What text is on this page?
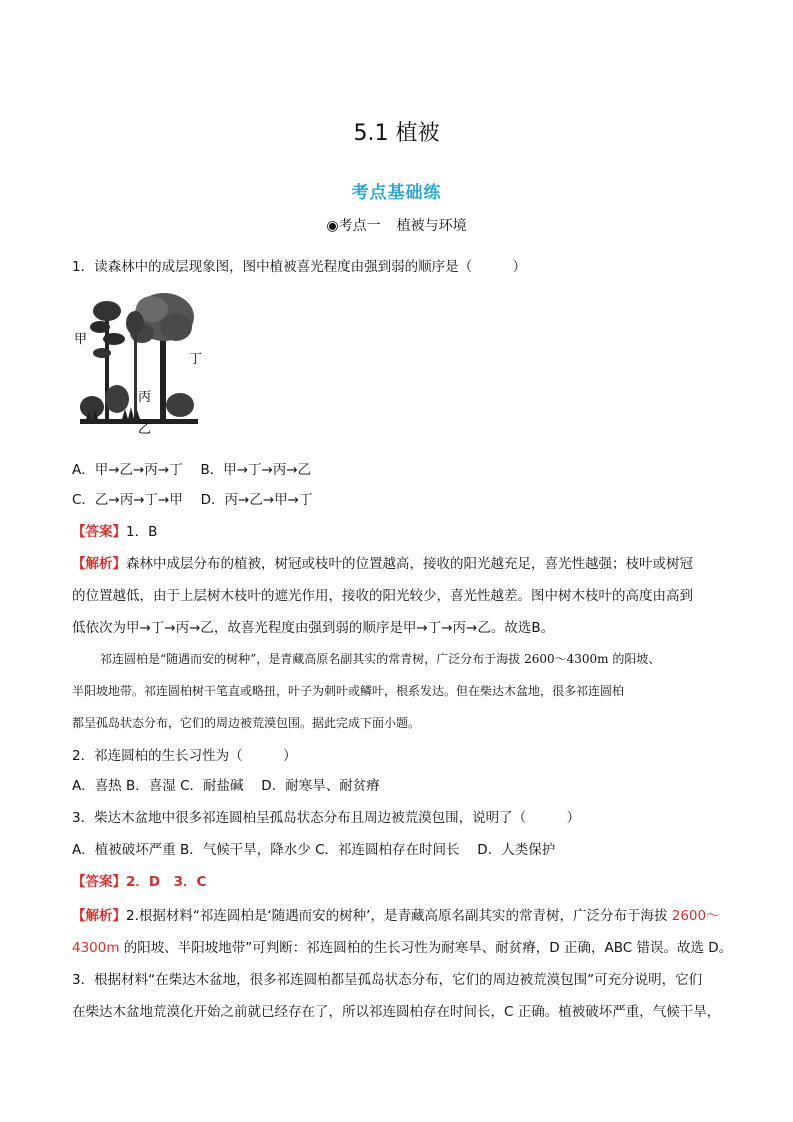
5.1 植被
考点基础练
◉考点一 植被与环境
1．读森林中的成层现象图，图中植被喜光程度由强到弱的顺序是（　　　）
甲
丁
丙
乙
A．甲→乙→丙→丁　 B．甲→丁→丙→乙
C．乙→丙→丁→甲　 D．丙→乙→甲→丁
【答案】1．B
【解析】森林中成层分布的植被，树冠或枝叶的位置越高，接收的阳光越充足，喜光性越强；枝叶或树冠
的位置越低，由于上层树木枝叶的遮光作用，接收的阳光较少，喜光性越差。图中树木枝叶的高度由高到
低依次为甲→丁→丙→乙，故喜光程度由强到弱的顺序是甲→丁→丙→乙。故选B。
祁连圆柏是“随遇而安的树种”，是青藏高原名副其实的常青树，广泛分布于海拔 2600～4300m 的阳坡、
半阳坡地带。祁连圆柏树干笔直或略扭，叶子为刺叶或鳞叶，根系发达。但在柴达木盆地，很多祁连圆柏
都呈孤岛状态分布，它们的周边被荒漠包围。据此完成下面小题。
2．祁连圆柏的生长习性为（　　　）
A．喜热 B．喜湿 C．耐盐碱　 D．耐寒旱、耐贫瘠
3．柴达木盆地中很多祁连圆柏呈孤岛状态分布且周边被荒漠包围，说明了（　　　）
A．植被破坏严重 B．气候干旱，降水少 C．祁连圆柏存在时间长　 D．人类保护
【答案】2．D　3．C
【解析】2.根据材料“祁连圆柏是‘随遇而安的树种’，是青藏高原名副其实的常青树，广泛分布于海拔 2600～
4300m 的阳坡、半阳坡地带”可判断：祁连圆柏的生长习性为耐寒旱、耐贫瘠，D 正确，ABC 错误。故选 D。
3．根据材料“在柴达木盆地，很多祁连圆柏都呈孤岛状态分布，它们的周边被荒漠包围”可充分说明，它们
在柴达木盆地荒漠化开始之前就已经存在了，所以祁连圆柏存在时间长，C 正确。植被破坏严重，气候干旱，
